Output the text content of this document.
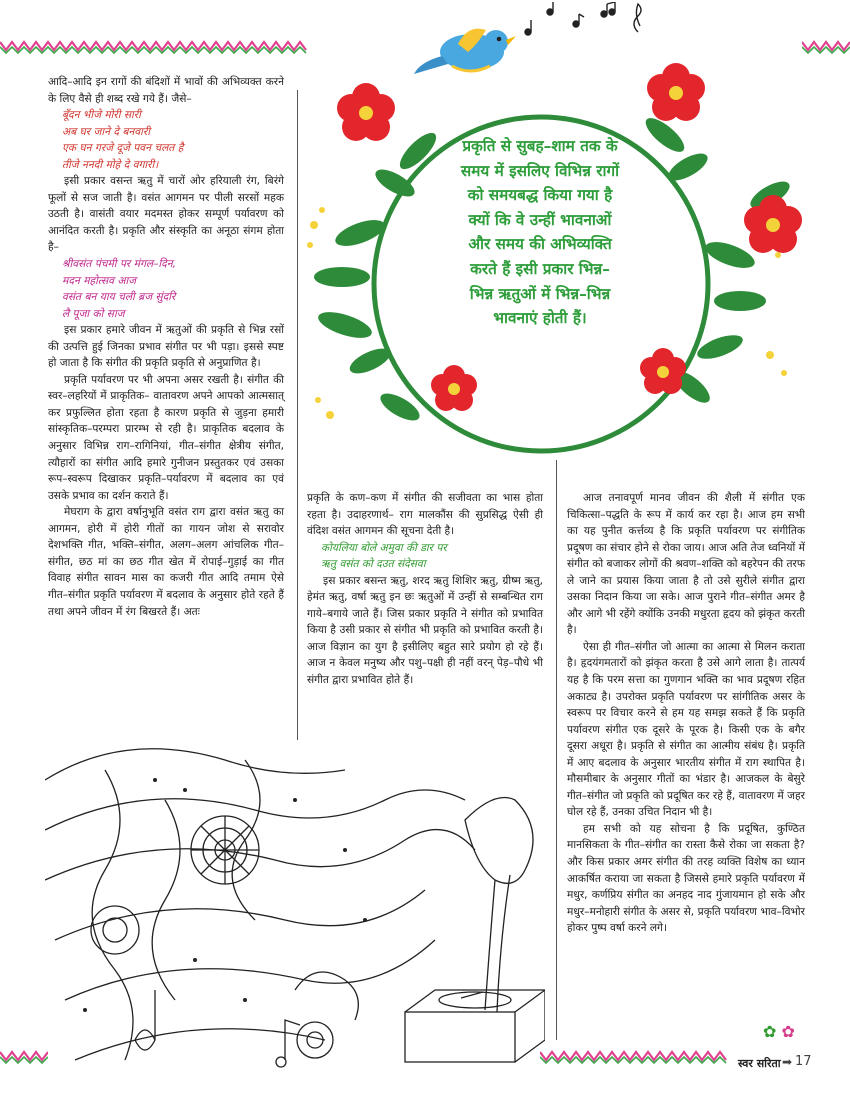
प्रकृति से सुबह–शाम तक के
समय में इसलिए विभिन्न रागों
को समयबद्ध किया गया है
क्यों कि वे उन्हीं भावनाओं
और समय की अभिव्यक्ति
करते हैं इसी प्रकार भिन्न–
भिन्न ऋतुओं में भिन्न–भिन्न
भावनाएं होती हैं।

आदि–आदि इन रागों की बंदिशों में भावों की अभिव्यक्त करने के लिए वैसे ही शब्द रखे गये हैं। जैसे–

बूँदन भीजे मोरी सारी
अब घर जाने दे बनवारी
एक घन गरजे दूजे पवन चलत है
तीजे ननदी मोहे दे वगारी।

इसी प्रकार वसन्त ऋतु में चारों ओर हरियाली रंग, बिरंगे फूलों से सज जाती है। वसंत आगमन पर पीली सरसों महक उठती है। वासंती वयार मदमस्त होकर सम्पूर्ण पर्यावरण को आनंदित करती है। प्रकृति और संस्कृति का अनूठा संगम होता है–

श्रीवसंत पंचमी पर मंगल–दिन,
मदन महोत्सव आज
वसंत बन याय चली ब्रज सुंदरि
लै पूजा को साज

इस प्रकार हमारे जीवन में ऋतुओं की प्रकृति से भिन्न रसों की उत्पत्ति हुई जिनका प्रभाव संगीत पर भी पड़ा। इससे स्पष्ट हो जाता है कि संगीत की प्रकृति प्रकृति से अनुप्राणित है।

प्रकृति पर्यावरण पर भी अपना असर रखती है। संगीत की स्वर–लहरियों में प्राकृतिक– वातावरण अपने आपको आत्मसात् कर प्रफुल्लित होता रहता है कारण प्रकृति से जुड़ना हमारी सांस्कृतिक–परम्परा प्रारम्भ से रही है। प्राकृतिक बदलाव के अनुसार विभिन्न राग–रागिनियां, गीत–संगीत क्षेत्रीय संगीत, त्यौहारों का संगीत आदि हमारे गुनीजन प्रस्तुतकर एवं उसका रूप–स्वरूप दिखाकर प्रकृति–पर्यावरण में बदलाव का एवं उसके प्रभाव का दर्शन कराते हैं।

मेघराग के द्वारा वर्षानुभूति वसंत राग द्वारा वसंत ऋतु का आगमन, होरी में होरी गीतों का गायन जोश से सरावोर देशभक्ति गीत, भक्ति–संगीत, अलग–अलग आंचलिक गीत–संगीत, छठ मां का छठ गीत खेत में रोपाई–गुड़ाई का गीत विवाह संगीत सावन मास का कजरी गीत आदि तमाम ऐसे गीत–संगीत प्रकृति पर्यावरण में बदलाव के अनुसार होते रहते हैं तथा अपने जीवन में रंग बिखरते हैं। अतः

प्रकृति के कण–कण में संगीत की सजीवता का भास होता रहता है। उदाहरणार्थ– राग मालकौंस की सुप्रसिद्ध ऐसी ही वंदिश वसंत आगमन की सूचना देती है।

कोयलिया बोले अमुवा की डार पर
ऋतु वसंत को दउत संदेसवा

इस प्रकार बसन्त ऋतु, शरद ऋतु शिशिर ऋतु, ग्रीष्म ऋतु, हेमंत ऋतु, वर्षा ऋतु इन छः ऋतुओं में उन्हीं से सम्बन्धित राग गाये–बगाये जाते हैं। जिस प्रकार प्रकृति ने संगीत को प्रभावित किया है उसी प्रकार से संगीत भी प्रकृति को प्रभावित करती है। आज विज्ञान का युग है इसीलिए बहुत सारे प्रयोग हो रहे हैं। आज न केवल मनुष्य और पशु–पक्षी ही नहीं वरन् पेड़–पौधे भी संगीत द्वारा प्रभावित होते हैं।

आज तनावपूर्ण मानव जीवन की शैली में संगीत एक चिकित्सा–पद्धति के रूप में कार्य कर रहा है। आज हम सभी का यह पुनीत कर्त्तव्य है कि प्रकृति पर्यावरण पर संगीतिक प्रदूषण का संचार होने से रोका जाय। आज अति तेज ध्वनियों में संगीत को बजाकर लोगों की श्रवण–शक्ति को बहरेपन की तरफ ले जाने का प्रयास किया जाता है तो उसे सुरीले संगीत द्वारा उसका निदान किया जा सके। आज पुराने गीत–संगीत अमर है और आगे भी रहेंगे क्योंकि उनकी मधुरता हृदय को झंकृत करती है।

ऐसा ही गीत–संगीत जो आत्मा का आत्मा से मिलन कराता है। हृदयंगमतारों को झंकृत करता है उसे आगे लाता है। तात्पर्य यह है कि परम सत्ता का गुणगान भक्ति का भाव प्रदूषण रहित अकाट्य है। उपरोक्त प्रकृति पर्यावरण पर सांगीतिक असर के स्वरूप पर विचार करने से हम यह समझ सकते हैं कि प्रकृति पर्यावरण संगीत एक दूसरे के पूरक है। किसी एक के बगैर दूसरा अधूरा है। प्रकृति से संगीत का आत्मीय संबंध है। प्रकृति में आए बदलाव के अनुसार भारतीय संगीत में राग स्थापित है। मौसमीबार के अनुसार गीतों का भंडार है। आजकल के बेसुरे गीत–संगीत जो प्रकृति को प्रदूषित कर रहे हैं, वातावरण में जहर घोल रहे हैं, उनका उचित निदान भी है।

हम सभी को यह सोचना है कि प्रदूषित, कुण्ठित मानसिकता के गीत–संगीत का रास्ता कैसे रोका जा सकता है? और किस प्रकार अमर संगीत की तरह व्यक्ति विशेष का ध्यान आकर्षित कराया जा सकता है जिससे हमारे प्रकृति पर्यावरण में मधुर, कर्णप्रिय संगीत का अनहद नाद गुंजायमान हो सके और मधुर–मनोहारी संगीत के असर से, प्रकृति पर्यावरण भाव–विभोर होकर पुष्प वर्षा करने लगे।

✿ ✿
स्वर सरिता ➡ 17
